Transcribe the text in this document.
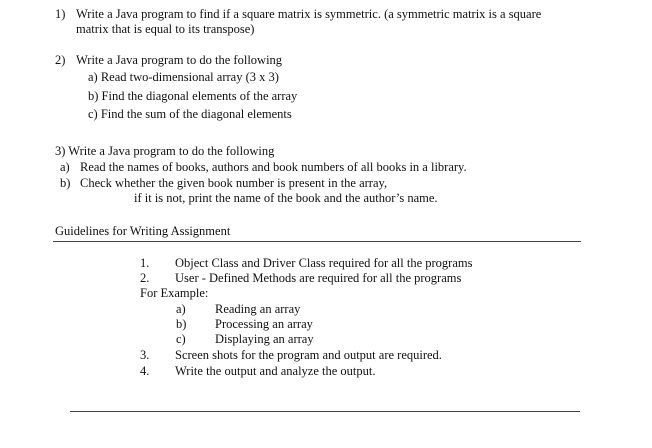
1) Write a Java program to find if a square matrix is symmetric. (a symmetric matrix is a square
matrix that is equal to its transpose)
2) Write a Java program to do the following
a) Read two-dimensional array (3 x 3)
b) Find the diagonal elements of the array
c) Find the sum of the diagonal elements
3) Write a Java program to do the following
a) Read the names of books, authors and book numbers of all books in a library.
b) Check whether the given book number is present in the array,
if it is not, print the name of the book and the author’s name.
Guidelines for Writing Assignment
1. Object Class and Driver Class required for all the programs
2. User - Defined Methods are required for all the programs
For Example:
a) Reading an array
b) Processing an array
c) Displaying an array
3. Screen shots for the program and output are required.
4. Write the output and analyze the output.
